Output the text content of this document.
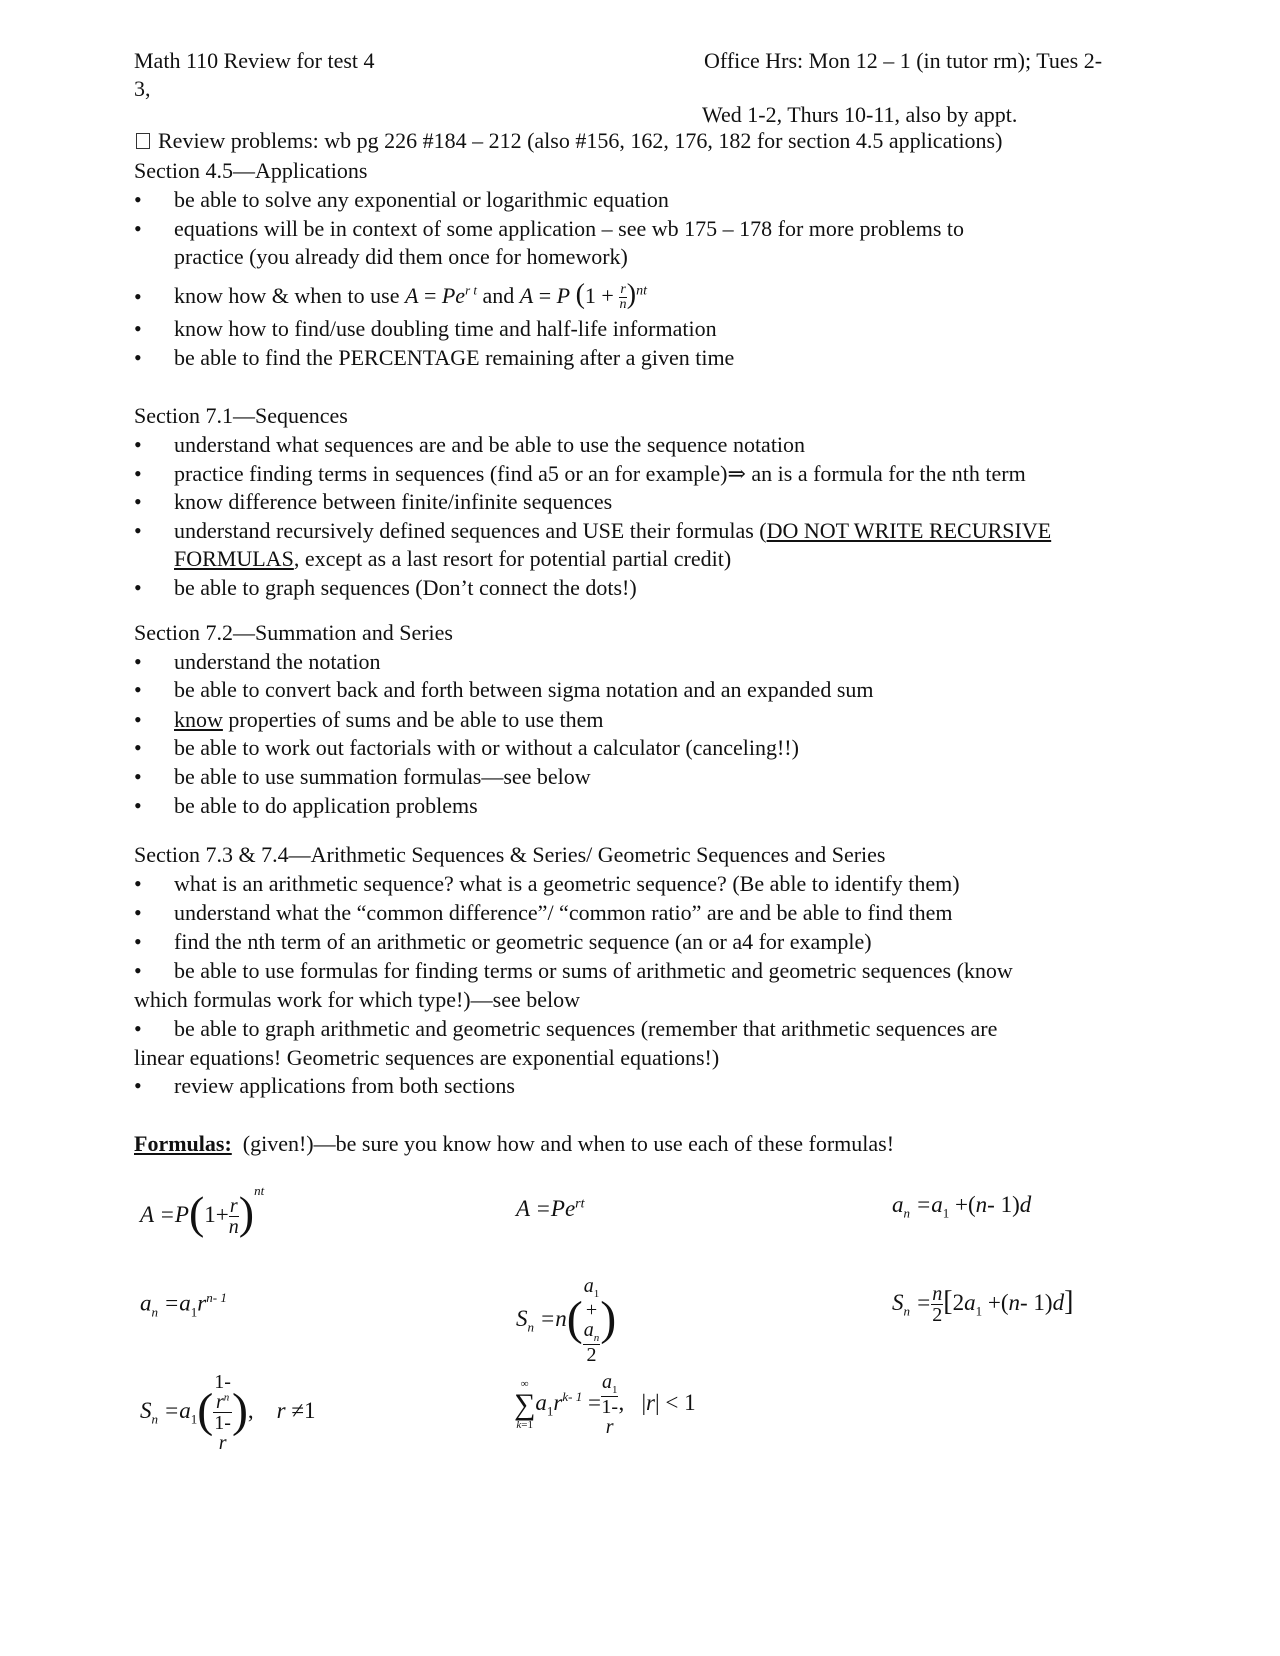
Math 110 Review for test 4	Office Hrs: Mon 12 – 1 (in tutor rm); Tues 2-
3,
Wed 1-2, Thurs 10-11, also by appt.
Review problems: wb pg 226 #184 – 212 (also #156, 162, 176, 182 for section 4.5 applications)
Section 4.5—Applications
• be able to solve any exponential or logarithmic equation
• equations will be in context of some application – see wb 175 – 178 for more problems to
practice (you already did them once for homework)
• know how & when to use $A = Pe^{r t}$ and A = P $(1 + \frac{r}{n} )^{nt}$
• know how to find/use doubling time and half-life information
• be able to find the PERCENTAGE remaining after a given time
Section 7.1—Sequences
• understand what sequences are and be able to use the sequence notation
• practice finding terms in sequences (find a5 or an for example)⇒ an is a formula for the nth term
• know difference between finite/infinite sequences
• understand recursively defined sequences and USE their formulas (DO NOT WRITE RECURSIVE
FORMULAS, except as a last resort for potential partial credit)
• be able to graph sequences (Don’t connect the dots!)
Section 7.2—Summation and Series
• understand the notation
• be able to convert back and forth between sigma notation and an expanded sum
• know properties of sums and be able to use them
• be able to work out factorials with or without a calculator (canceling!!)
• be able to use summation formulas—see below
• be able to do application problems
Section 7.3 & 7.4—Arithmetic Sequences & Series/ Geometric Sequences and Series
• what is an arithmetic sequence? what is a geometric sequence? (Be able to identify them)
• understand what the “common difference”/ “common ratio” are and be able to find them
• find the nth term of an arithmetic or geometric sequence (an or a4 for example)
• be able to use formulas for finding terms or sums of arithmetic and geometric sequences (know
which formulas work for which type!)—see below
• be able to graph arithmetic and geometric sequences (remember that arithmetic sequences are
linear equations! Geometric sequences are exponential equations!)
• review applications from both sections
Formulas: (given!)—be sure you know how and when to use each of these formulas!
$A =P(1+ \frac{r}{n} )^{nt}$
$A =Pe^{rt}$	$a_n =a_1 +(n-$ 1)d
$a_n =a_1r^{n- 1}$
$S_n =n$( $a_1$
+
$a_n$
2 )	$S_n = \frac{n}{2} [2a_1 +(n-$ 1)d]
$S_n =a_1$( 1-
$r^n$
1-
r ),    r ≠1
∞
∑
k=1
$a_1r^{k- 1} = a_1$
1-
r , |r| < 1
